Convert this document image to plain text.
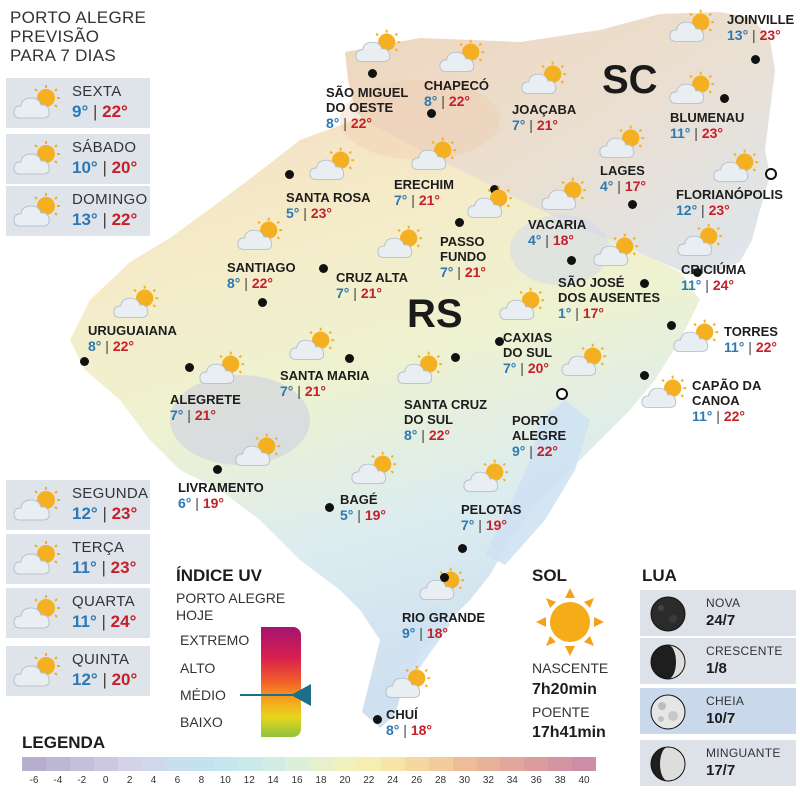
PORTO ALEGRE
PREVISÃO
PARA 7 DIAS
SEXTA
9° | 22°
SÁBADO
10° | 20°
DOMINGO
13° | 22°
SEGUNDA
12° | 23°
TERÇA
11° | 23°
QUARTA
11° | 24°
QUINTA
12° | 20°
SC
RS
JOINVILLE
13° | 23°
SÃO MIGUEL
DO OESTE
8° | 22°
CHAPECÓ
8° | 22°
JOAÇABA
7° | 21°	BLUMENAU
11° | 23°
LAGES
4° | 17°
FLORIANÓPOLIS
12° | 23°
SANTA ROSA
5° | 23°
ERECHIM
7° | 21°
VACARIA
4° | 18°
PASSO
FUNDO
7° | 21°
SANTIAGO
8° | 22°	CRUZ ALTA
7° | 21°
SÃO JOSÉ
DOS AUSENTES
1° | 17°
CRICIÚMA
11° | 24°
URUGUAIANA
8° | 22°
CAXIAS
DO SUL
7° | 20°
TORRES
11° | 22°
SANTA MARIA
7° | 21°
ALEGRETE
7° | 21°
CAPÃO DA
CANOA
11° | 22°
SANTA CRUZ
DO SUL
8° | 22°
PORTO
ALEGRE
9° | 22°
LIVRAMENTO
6° | 19°	BAGÉ
5° | 19°	PELOTAS
7° | 19°
RIO GRANDE
9° | 18°
CHUÍ
8° | 18°
ÍNDICE UV
PORTO ALEGRE
HOJE
EXTREMO
ALTO
MÉDIO
BAIXO
SOL
NASCENTE
7h20min
POENTE
17h41min
LUA
NOVA
24/7
CRESCENTE
1/8
CHEIA
10/7
MINGUANTE
17/7
LEGENDA
-6 -4 -2 0 2 4 6 8 10 12 14 16 18 20 22 24 26 28 30 32 34 36 38 40
